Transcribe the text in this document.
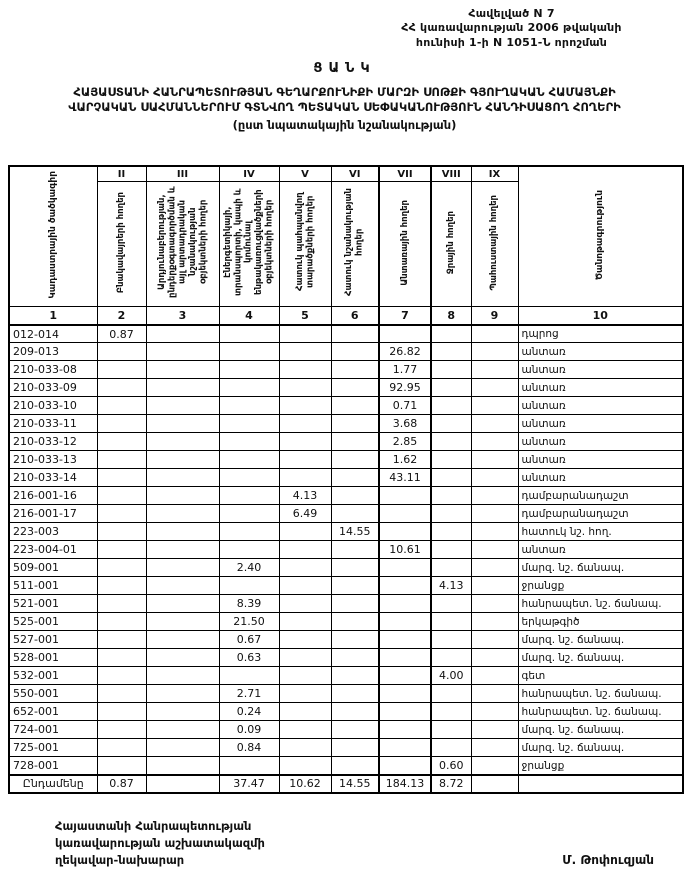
Հավելված N 7
ՀՀ կառավարության 2006 թվականի
հունիսի 1-ի N 1051-Ն որոշման
ՑԱՆԿ
ՀԱՅԱՍՏԱՆԻ ՀԱՆՐԱՊԵՏՈՒԹՅԱՆ ԳԵՂԱՐՔՈՒՆԻՔԻ ՄԱՐԶԻ ՍՈԹՔԻ ԳՅՈՒՂԱԿԱՆ ՀԱՄԱՅՆՔԻ
ՎԱՐՉԱԿԱՆ ՍԱՀՄԱՆՆԵՐՈՒՄ ԳՏՆՎՈՂ ՊԵՏԱԿԱՆ ՍԵՓԱԿԱՆՈՒԹՅՈՒՆ ՀԱՆԴԻՍԱՑՈՂ ՀՈՂԵՐԻ
(ըստ նպատակային նշանակության)
Կադաստրային ծածկագիր	II	III	IV	V	VI	VII	VIII	IX	Ծանոթագրություն
	Բնակավայրերի հողեր	Արդյունաբերության, ընդերքօգտագործման և այլ արտադրական նշանակության օբյեկտների հողեր	Էներգետիկայի, տրանսպորտի, կապի և կոմունալ ենթակառուցվածքների օբյեկտների հողեր	Հատուկ պահպանվող տարածքների հողեր	Հատուկ նշանակության հողեր	Անտառային հողեր	Ջրային հողեր	Պահուստային հողեր	
1	2	3	4	5	6	7	8	9	10
012-014	0.87								դպրոց
209-013						26.82			անտառ
210-033-08						1.77			անտառ
210-033-09						92.95			անտառ
210-033-10						0.71			անտառ
210-033-11						3.68			անտառ
210-033-12						2.85			անտառ
210-033-13						1.62			անտառ
210-033-14						43.11			անտառ
216-001-16				4.13					դամբարանադաշտ
216-001-17				6.49					դամբարանադաշտ
223-003					14.55				հատուկ նշ. հող.
223-004-01						10.61			անտառ
509-001			2.40						մարզ. նշ. ճանապ.
511-001							4.13		ջրանցք
521-001			8.39						հանրապետ. նշ. ճանապ.
525-001			21.50						երկաթգիծ
527-001			0.67						մարզ. նշ. ճանապ.
528-001			0.63						մարզ. նշ. ճանապ.
532-001							4.00		գետ
550-001			2.71						հանրապետ. նշ. ճանապ.
652-001			0.24						հանրապետ. նշ. ճանապ.
724-001			0.09						մարզ. նշ. ճանապ.
725-001			0.84						մարզ. նշ. ճանապ.
728-001							0.60		ջրանցք
Ընդամենը	0.87		37.47	10.62	14.55	184.13	8.72		
Հայաստանի Հանրապետության
կառավարության աշխատակազմի
ղեկավար-նախարար	Մ. Թոփուզյան
